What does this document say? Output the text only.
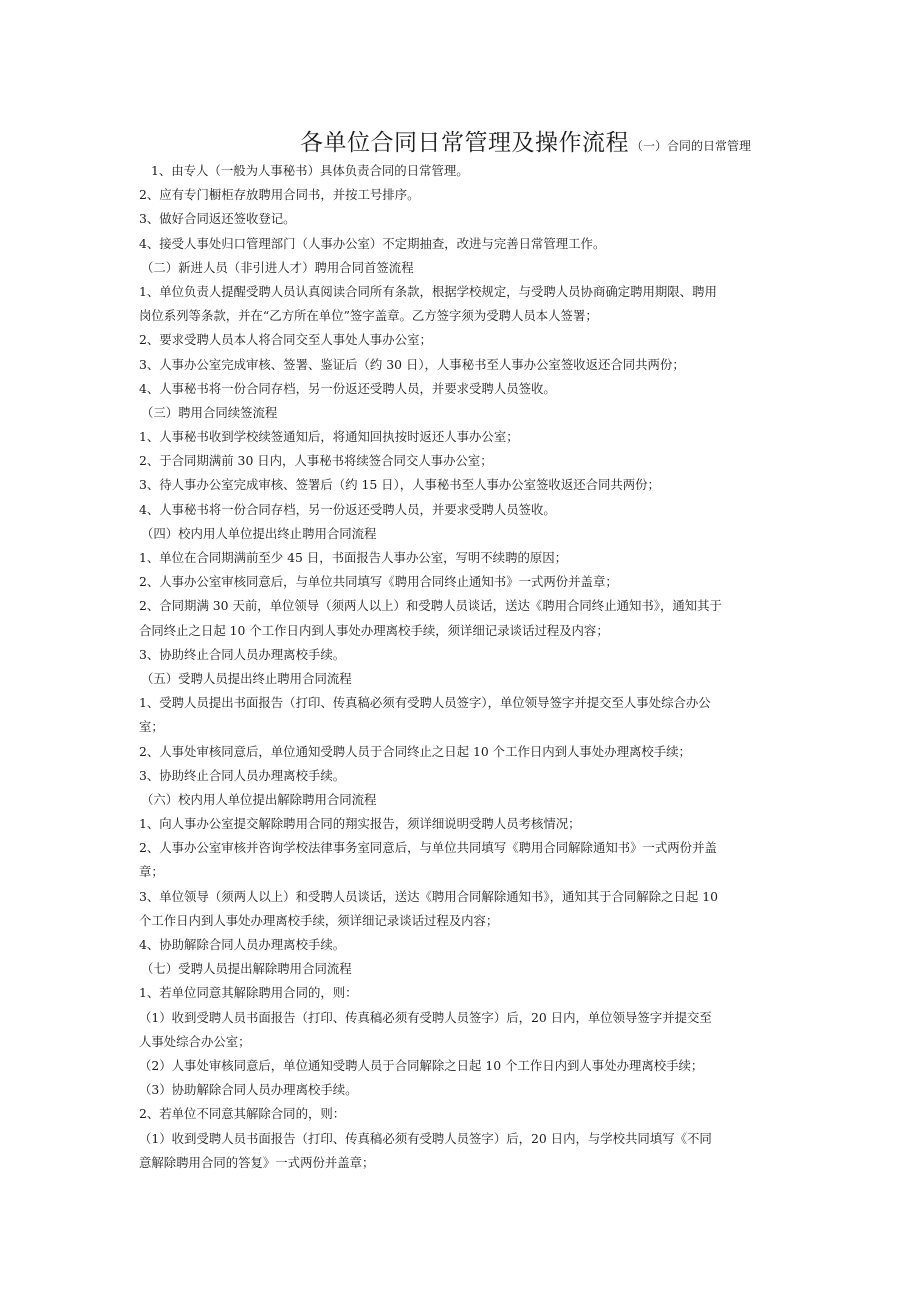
各单位合同日常管理及操作流程 （一）合同的日常管理
1、由专人（一般为人事秘书）具体负责合同的日常管理。
2、应有专门橱柜存放聘用合同书，并按工号排序。
3、做好合同返还签收登记。
4、接受人事处归口管理部门（人事办公室）不定期抽查，改进与完善日常管理工作。
（二）新进人员（非引进人才）聘用合同首签流程
1、单位负责人提醒受聘人员认真阅读合同所有条款，根据学校规定，与受聘人员协商确定聘用期限、聘用
岗位系列等条款，并在“乙方所在单位”签字盖章。乙方签字须为受聘人员本人签署；
2、要求受聘人员本人将合同交至人事处人事办公室；
3、人事办公室完成审核、签署、鉴证后（约 30 日），人事秘书至人事办公室签收返还合同共两份；
4、人事秘书将一份合同存档，另一份返还受聘人员，并要求受聘人员签收。
（三）聘用合同续签流程
1、人事秘书收到学校续签通知后，将通知回执按时返还人事办公室；
2、于合同期满前 30 日内，人事秘书将续签合同交人事办公室；
3、待人事办公室完成审核、签署后（约 15 日），人事秘书至人事办公室签收返还合同共两份；
4、人事秘书将一份合同存档，另一份返还受聘人员，并要求受聘人员签收。
（四）校内用人单位提出终止聘用合同流程
1、单位在合同期满前至少 45 日，书面报告人事办公室，写明不续聘的原因；
2、人事办公室审核同意后，与单位共同填写《聘用合同终止通知书》一式两份并盖章；
2、合同期满 30 天前，单位领导（须两人以上）和受聘人员谈话，送达《聘用合同终止通知书》，通知其于
合同终止之日起 10 个工作日内到人事处办理离校手续，须详细记录谈话过程及内容；
3、协助终止合同人员办理离校手续。
（五）受聘人员提出终止聘用合同流程
1、受聘人员提出书面报告（打印、传真稿必须有受聘人员签字），单位领导签字并提交至人事处综合办公
室；
2、人事处审核同意后，单位通知受聘人员于合同终止之日起 10 个工作日内到人事处办理离校手续；
3、协助终止合同人员办理离校手续。
（六）校内用人单位提出解除聘用合同流程
1、向人事办公室提交解除聘用合同的翔实报告，须详细说明受聘人员考核情况；
2、人事办公室审核并咨询学校法律事务室同意后，与单位共同填写《聘用合同解除通知书》一式两份并盖
章；
3、单位领导（须两人以上）和受聘人员谈话，送达《聘用合同解除通知书》，通知其于合同解除之日起 10
个工作日内到人事处办理离校手续，须详细记录谈话过程及内容；
4、协助解除合同人员办理离校手续。
（七）受聘人员提出解除聘用合同流程
1、若单位同意其解除聘用合同的，则：
（1）收到受聘人员书面报告（打印、传真稿必须有受聘人员签字）后，20 日内，单位领导签字并提交至
人事处综合办公室；
（2）人事处审核同意后，单位通知受聘人员于合同解除之日起 10 个工作日内到人事处办理离校手续；
（3）协助解除合同人员办理离校手续。
2、若单位不同意其解除合同的，则：
（1）收到受聘人员书面报告（打印、传真稿必须有受聘人员签字）后，20 日内，与学校共同填写《不同
意解除聘用合同的答复》一式两份并盖章；
